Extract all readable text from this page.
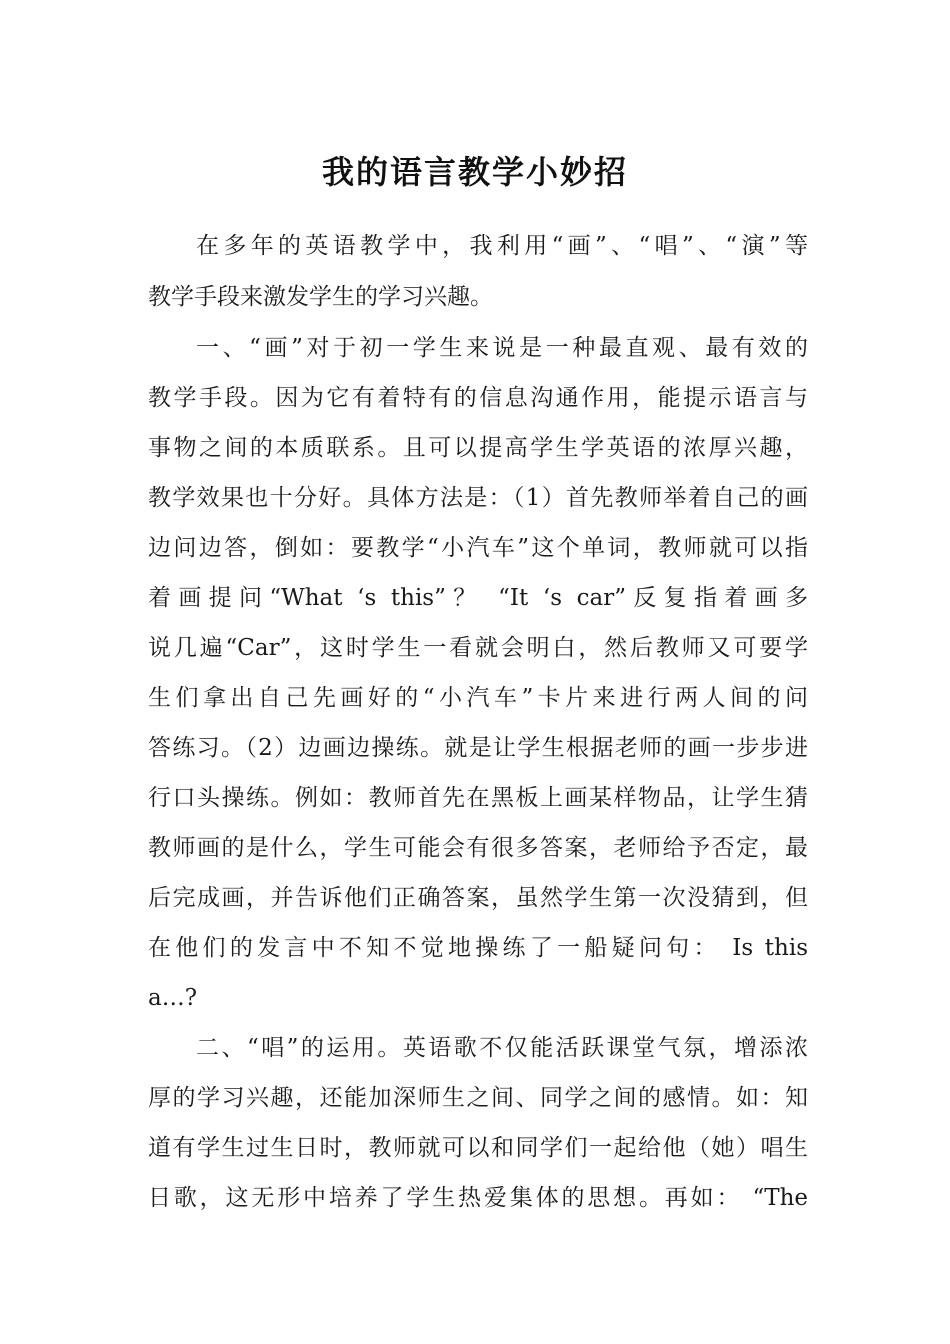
我的语言教学小妙招
在多年的英语教学中，我利用“画”、“唱”、“演”等
教学手段来激发学生的学习兴趣。
一、“画”对于初一学生来说是一种最直观、最有效的
教学手段。因为它有着特有的信息沟通作用，能提示语言与
事物之间的本质联系。且可以提高学生学英语的浓厚兴趣，
教学效果也十分好。具体方法是：（1）首先教师举着自己的画
边问边答，倒如：要教学“小汽车”这个单词，教师就可以指
着画提问“What ‘s this”？ “It ‘s car”反复指着画多
说几遍“Car”，这时学生一看就会明白，然后教师又可要学
生们拿出自己先画好的“小汽车”卡片来进行两人间的问
答练习。（2）边画边操练。就是让学生根据老师的画一步步进
行口头操练。例如：教师首先在黑板上画某样物品，让学生猜
教师画的是什么，学生可能会有很多答案，老师给予否定，最
后完成画，并告诉他们正确答案，虽然学生第一次没猜到，但
在他们的发言中不知不觉地操练了一船疑问句： Is this
a…?
二、“唱”的运用。英语歌不仅能活跃课堂气氛，增添浓
厚的学习兴趣，还能加深师生之间、同学之间的感情。如：知
道有学生过生日时，教师就可以和同学们一起给他（她）唱生
日歌，这无形中培养了学生热爱集体的思想。再如： “The
